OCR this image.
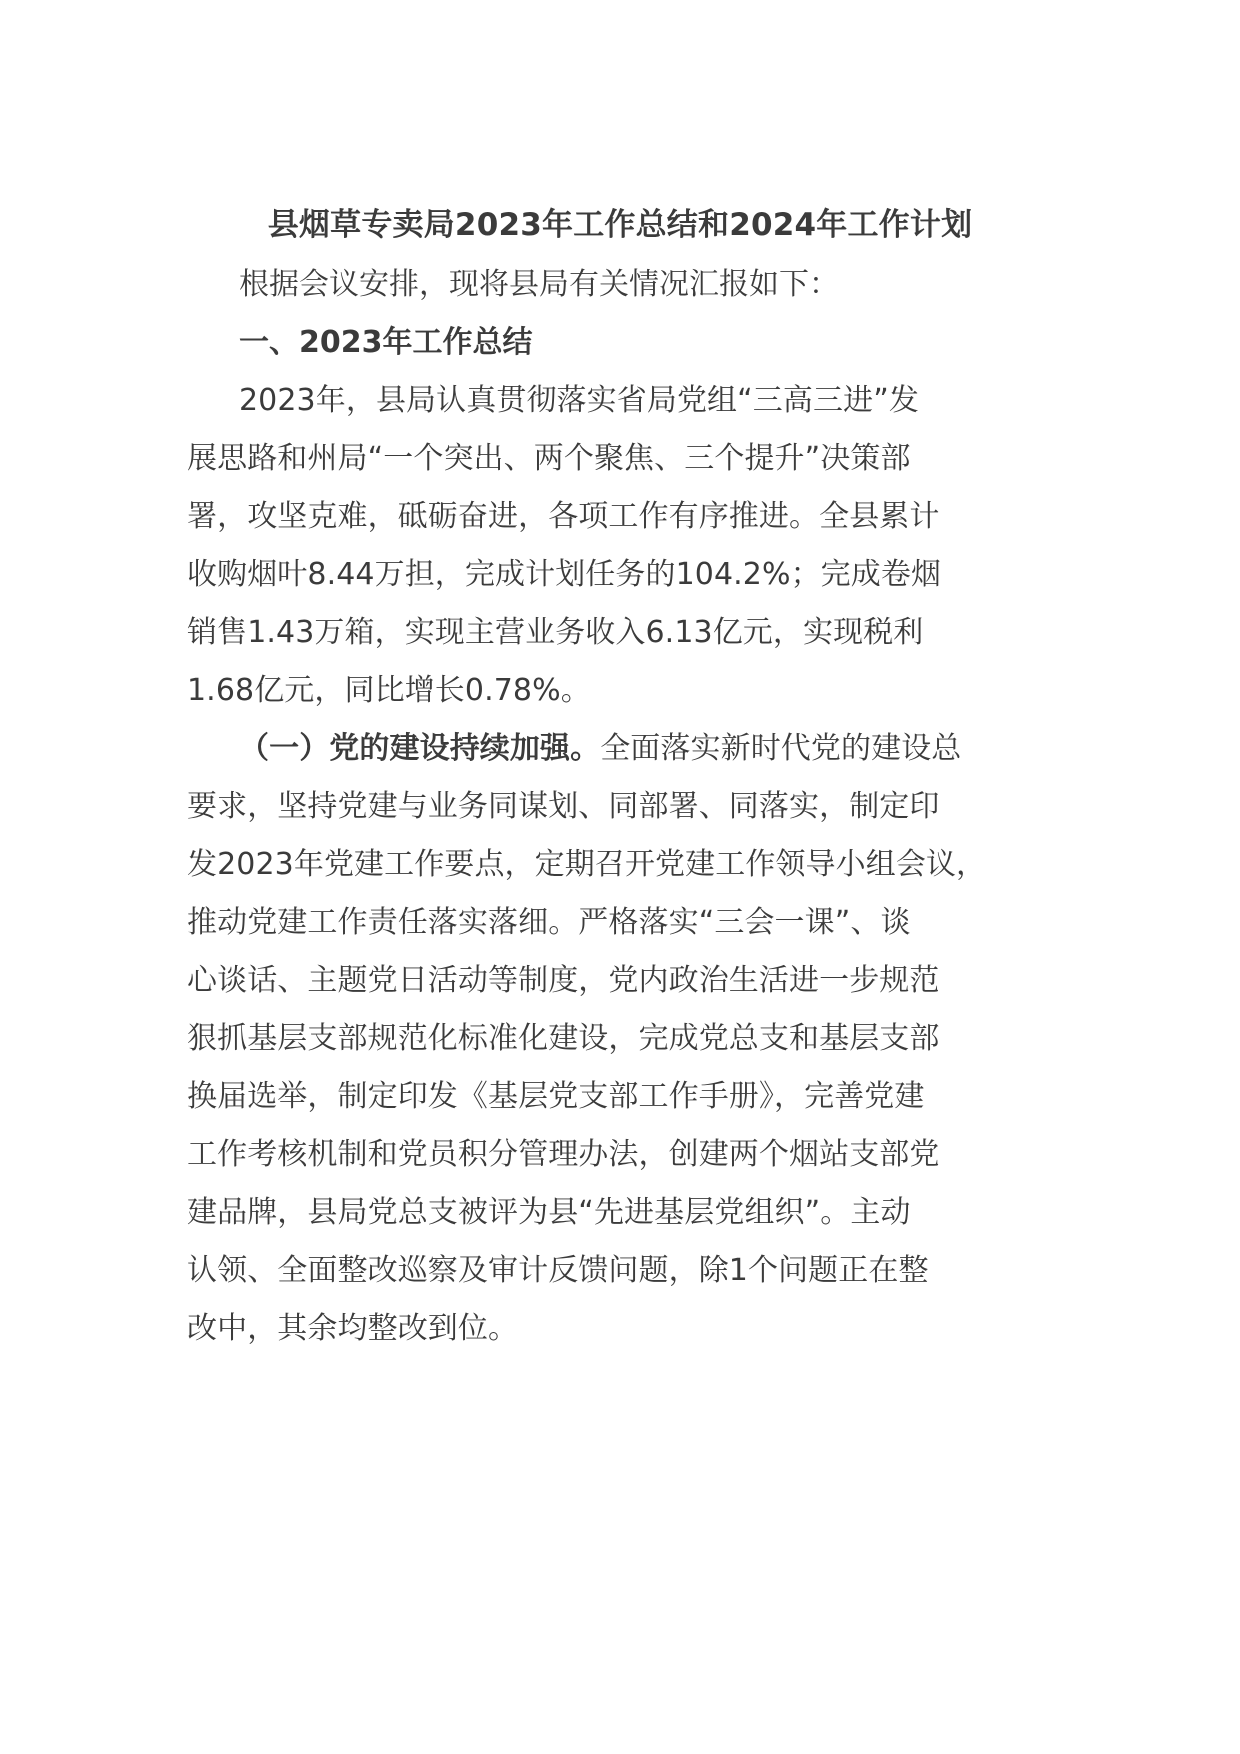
县烟草专卖局2023年工作总结和2024年工作计划

根据会议安排，现将县局有关情况汇报如下：

一、2023年工作总结

2023年，县局认真贯彻落实省局党组“三高三进”发
展思路和州局“一个突出、两个聚焦、三个提升”决策部
署，攻坚克难，砥砺奋进，各项工作有序推进。全县累计
收购烟叶8.44万担，完成计划任务的104.2%；完成卷烟
销售1.43万箱，实现主营业务收入6.13亿元，实现税利
1.68亿元，同比增长0.78%。
（一）党的建设持续加强。全面落实新时代党的建设总
要求，坚持党建与业务同谋划、同部署、同落实，制定印
发2023年党建工作要点，定期召开党建工作领导小组会议，
推动党建工作责任落实落细。严格落实“三会一课”、谈
心谈话、主题党日活动等制度，党内政治生活进一步规范
狠抓基层支部规范化标准化建设，完成党总支和基层支部
换届选举，制定印发《基层党支部工作手册》，完善党建
工作考核机制和党员积分管理办法，创建两个烟站支部党
建品牌，县局党总支被评为县“先进基层党组织”。主动
认领、全面整改巡察及审计反馈问题，除1个问题正在整
改中，其余均整改到位。
